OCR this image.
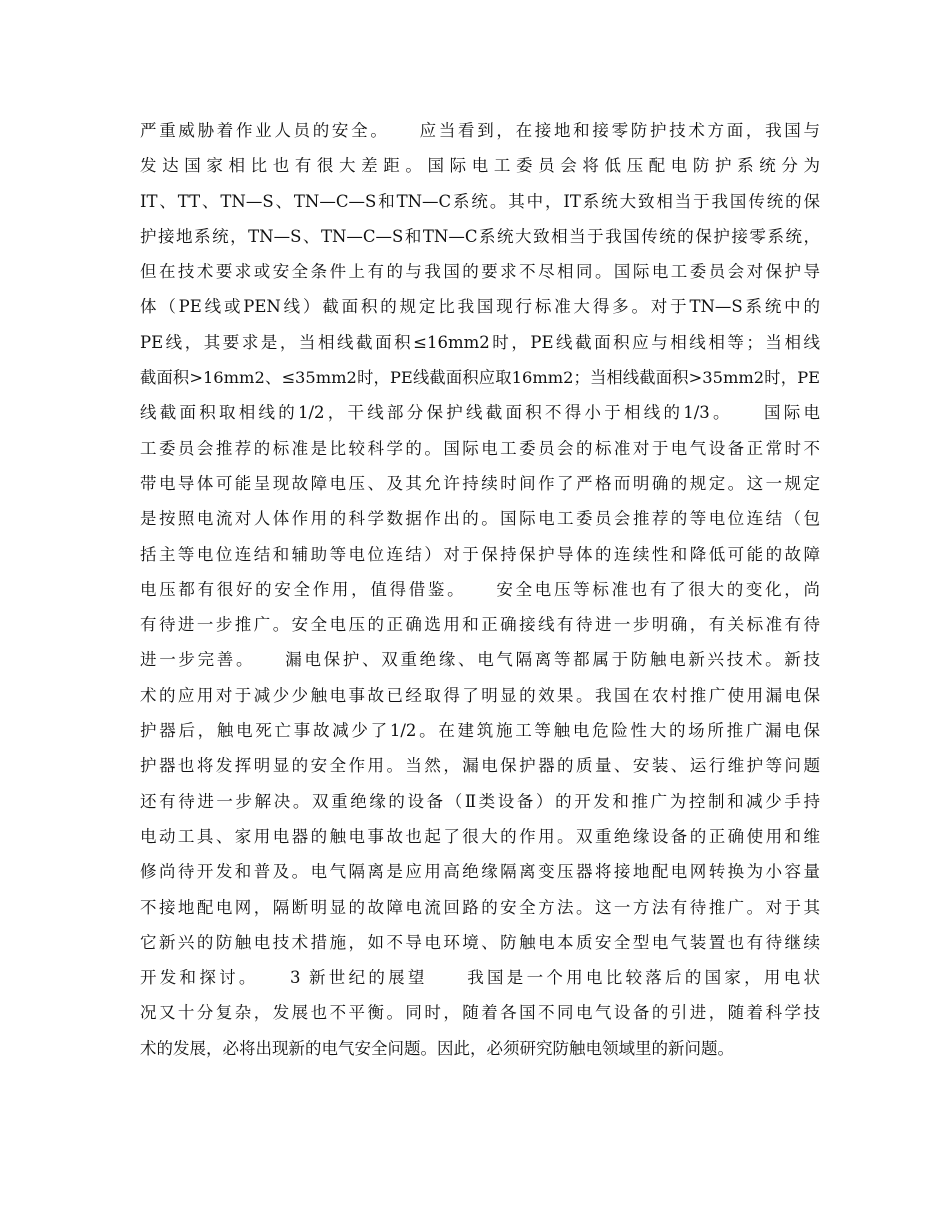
严重威胁着作业人员的安全。　　应当看到，在接地和接零防护技术方面，我国与
发达国家相比也有很大差距。国际电工委员会将低压配电防护系统分为
IT、TT、TN—S、TN—C—S和TN—C系统。其中，IT系统大致相当于我国传统的保
护接地系统，TN—S、TN—C—S和TN—C系统大致相当于我国传统的保护接零系统，
但在技术要求或安全条件上有的与我国的要求不尽相同。国际电工委员会对保护导
体（PE线或PEN线）截面积的规定比我国现行标准大得多。对于TN—S系统中的
PE线，其要求是，当相线截面积≤16mm2时，PE线截面积应与相线相等；当相线
截面积>16mm2、≤35mm2时，PE线截面积应取16mm2；当相线截面积>35mm2时，PE
线截面积取相线的1/2，干线部分保护线截面积不得小于相线的1/3。　　国际电
工委员会推荐的标准是比较科学的。国际电工委员会的标准对于电气设备正常时不
带电导体可能呈现故障电压、及其允许持续时间作了严格而明确的规定。这一规定
是按照电流对人体作用的科学数据作出的。国际电工委员会推荐的等电位连结（包
括主等电位连结和辅助等电位连结）对于保持保护导体的连续性和降低可能的故障
电压都有很好的安全作用，值得借鉴。　　安全电压等标准也有了很大的变化，尚
有待进一步推广。安全电压的正确选用和正确接线有待进一步明确，有关标准有待
进一步完善。　　漏电保护、双重绝缘、电气隔离等都属于防触电新兴技术。新技
术的应用对于减少少触电事故已经取得了明显的效果。我国在农村推广使用漏电保
护器后，触电死亡事故减少了1/2。在建筑施工等触电危险性大的场所推广漏电保
护器也将发挥明显的安全作用。当然，漏电保护器的质量、安装、运行维护等问题
还有待进一步解决。双重绝缘的设备（Ⅱ类设备）的开发和推广为控制和减少手持
电动工具、家用电器的触电事故也起了很大的作用。双重绝缘设备的正确使用和维
修尚待开发和普及。电气隔离是应用高绝缘隔离变压器将接地配电网转换为小容量
不接地配电网，隔断明显的故障电流回路的安全方法。这一方法有待推广。对于其
它新兴的防触电技术措施，如不导电环境、防触电本质安全型电气装置也有待继续
开发和探讨。　　3 新世纪的展望　　我国是一个用电比较落后的国家，用电状
况又十分复杂，发展也不平衡。同时，随着各国不同电气设备的引进，随着科学技
术的发展，必将出现新的电气安全问题。因此，必须研究防触电领域里的新问题。
